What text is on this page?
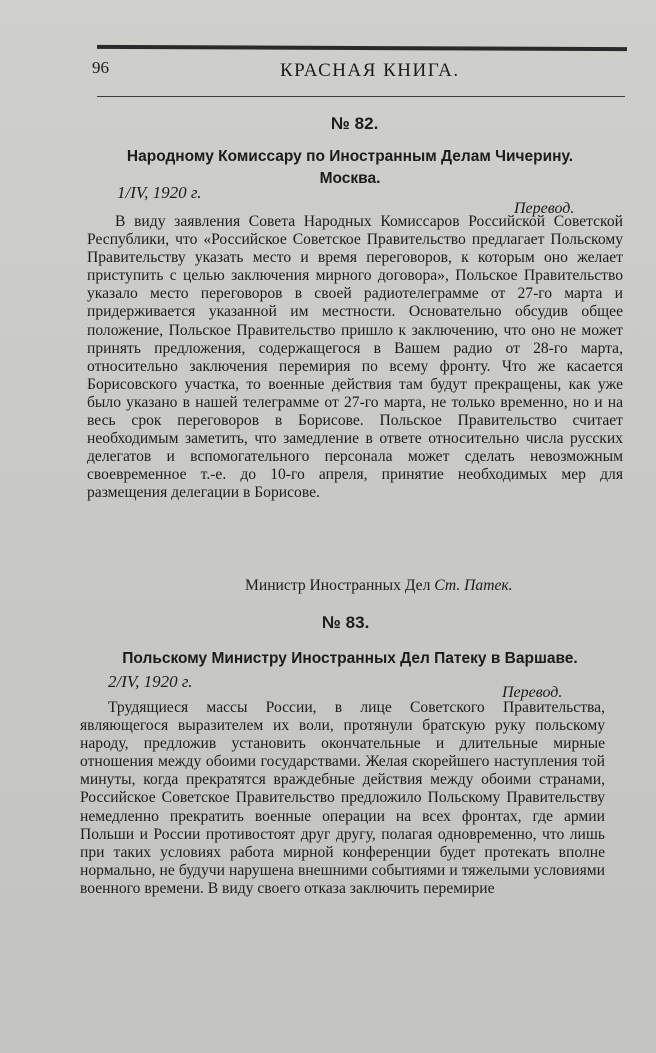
96	КРАСНАЯ КНИГА.
№ 82.
Народному Комиссару по Иностранным Делам Чичерину. Москва.
1/IV, 1920 г.
Перевод.

В виду заявления Совета Народных Комиссаров Российской Советской Республики, что «Российское Советское Правительство предлагает Польскому Правительству указать место и время переговоров, к которым оно желает приступить с целью заключения мирного договора», Польское Правительство указало место переговоров в своей радиотелеграмме от 27-го марта и придерживается указанной им местности. Основательно обсудив общее положение, Польское Правительство пришло к заключению, что оно не может принять предложения, содержащегося в Вашем радио от 28-го марта, относительно заключения перемирия по всему фронту. Что же касается Борисовского участка, то военные действия там будут прекращены, как уже было указано в нашей телеграмме от 27-го марта, не только временно, но и на весь срок переговоров в Борисове. Польское Правительство считает необходимым заметить, что замедление в ответе относительно числа русских делегатов и вспомогательного персонала может сделать невозможным своевременное т.-е. до 10-го апреля, принятие необходимых мер для размещения делегации в Борисове.

Министр Иностранных Дел Ст. Патек.
№ 83.
Польскому Министру Иностранных Дел Патеку в Варшаве.
2/IV, 1920 г.
Перевод.

Трудящиеся массы России, в лице Советского Правительства, являющегося выразителем их воли, протянули братскую руку польскому народу, предложив установить окончательные и длительные мирные отношения между обоими государствами. Желая скорейшего наступления той минуты, когда прекратятся враждебные действия между обоими странами, Российское Советское Правительство предложило Польскому Правительству немедленно прекратить военные операции на всех фронтах, где армии Польши и России противостоят друг другу, полагая одновременно, что лишь при таких условиях работа мирной конференции будет протекать вполне нормально, не будучи нарушена внешними событиями и тяжелыми условиями военного времени. В виду своего отказа заключить перемирие
